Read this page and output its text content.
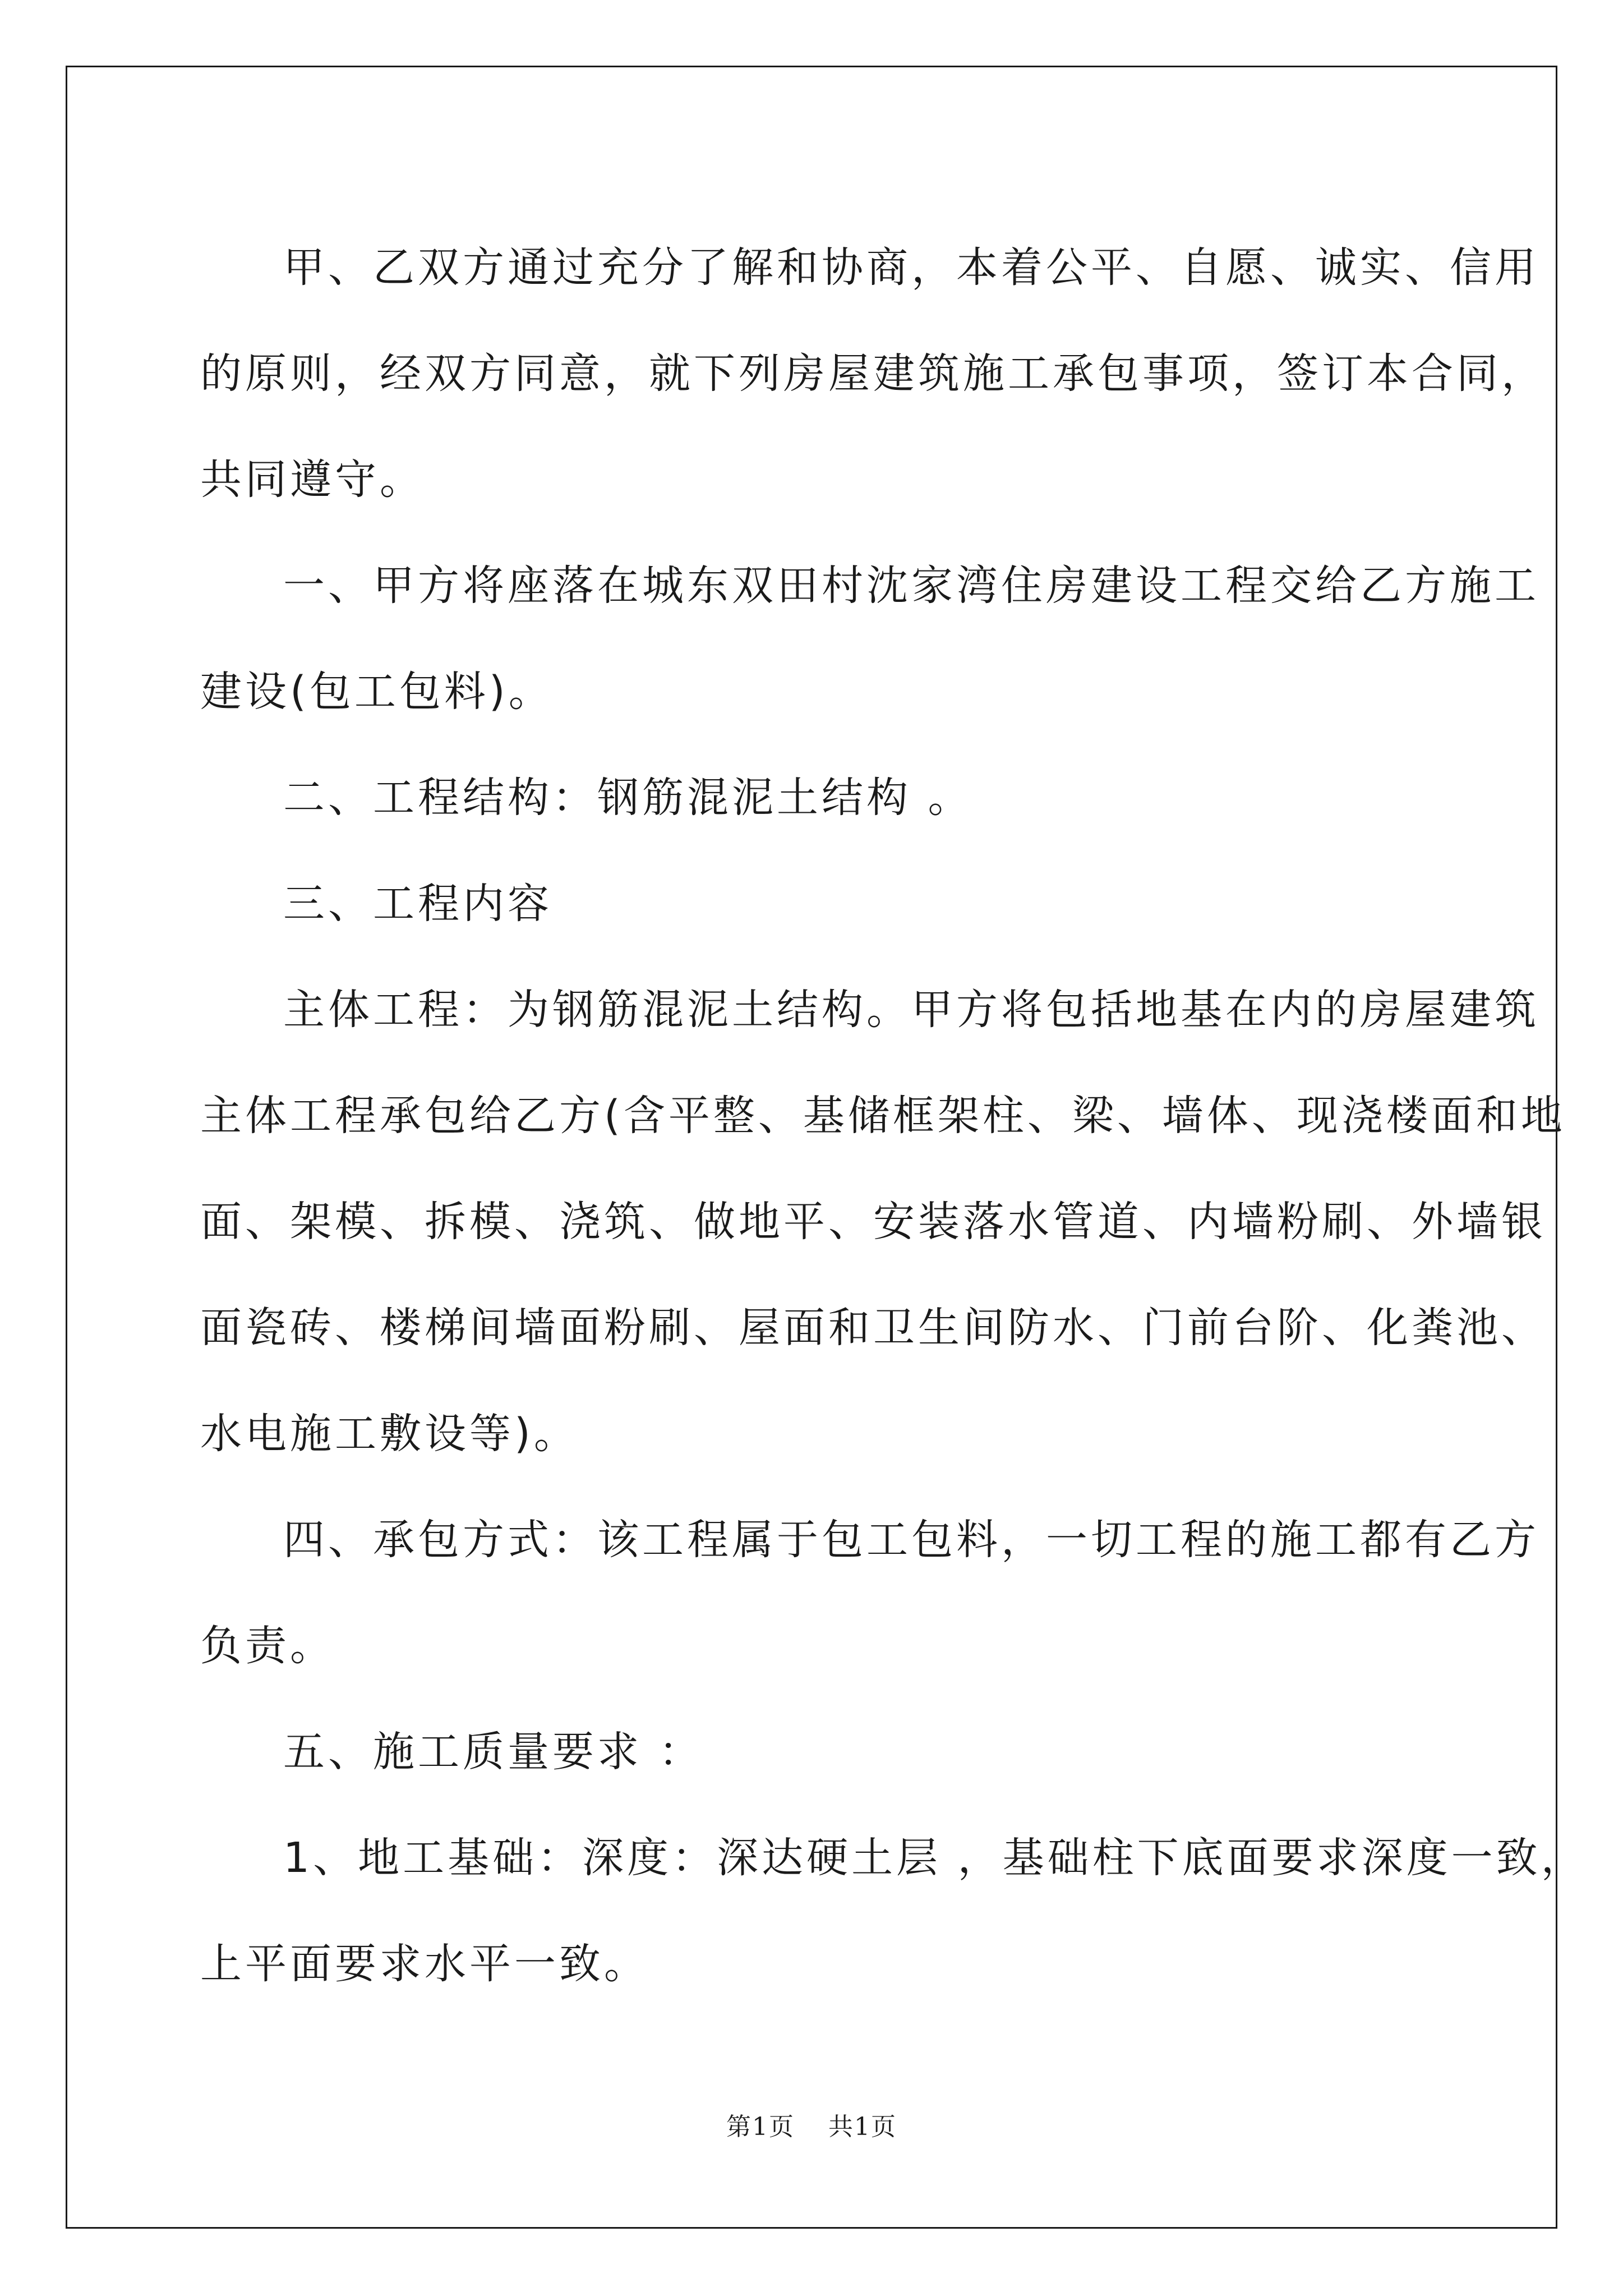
甲、乙双方通过充分了解和协商，本着公平、自愿、诚实、信用
的原则，经双方同意，就下列房屋建筑施工承包事项，签订本合同，
共同遵守。

一、甲方将座落在城东双田村沈家湾住房建设工程交给乙方施工
建设(包工包料)。

二、工程结构：钢筋混泥土结构 。

三、工程内容

主体工程：为钢筋混泥土结构。甲方将包括地基在内的房屋建筑
主体工程承包给乙方(含平整、基储框架柱、梁、墙体、现浇楼面和地
面、架模、拆模、浇筑、做地平、安装落水管道、内墙粉刷、外墙银
面瓷砖、楼梯间墙面粉刷、屋面和卫生间防水、门前台阶、化粪池、
水电施工敷设等)。

四、承包方式：该工程属于包工包料，一切工程的施工都有乙方
负责。

五、施工质量要求 ：

1、地工基础：深度：深达硬土层 ，基础柱下底面要求深度一致，
上平面要求水平一致。

第1页 共1页
